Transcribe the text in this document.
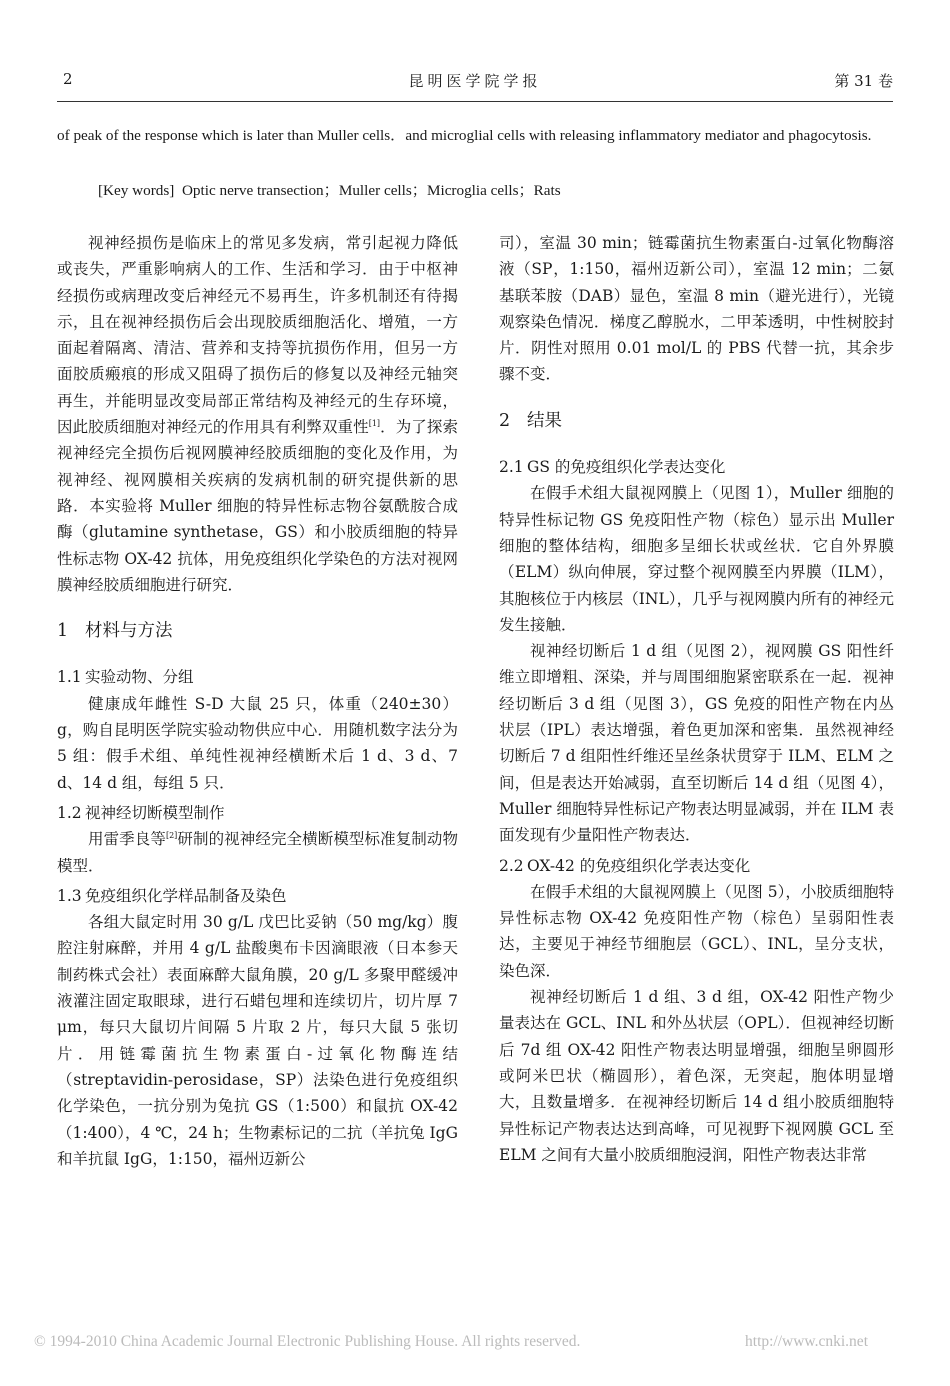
2	昆明医学院学报	第 31 卷

of peak of the response which is later than Muller cells．and microglial cells with releasing inflammatory mediator and phagocytosis.

[Key words] Optic nerve transection；Muller cells；Microglia cells；Rats

视神经损伤是临床上的常见多发病，常引起视力降低或丧失，严重影响病人的工作、生活和学习．由于中枢神经损伤或病理改变后神经元不易再生，许多机制还有待揭示，且在视神经损伤后会出现胶质细胞活化、增殖，一方面起着隔离、清洁、营养和支持等抗损伤作用，但另一方面胶质瘢痕的形成又阻碍了损伤后的修复以及神经元轴突再生，并能明显改变局部正常结构及神经元的生存环境，因此胶质细胞对神经元的作用具有利弊双重性[1]．为了探索视神经完全损伤后视网膜神经胶质细胞的变化及作用，为视神经、视网膜相关疾病的发病机制的研究提供新的思路．本实验将 Muller 细胞的特异性标志物谷氨酰胺合成酶（glutamine synthetase，GS）和小胶质细胞的特异性标志物 OX-42 抗体，用免疫组织化学染色的方法对视网膜神经胶质细胞进行研究．

1 材料与方法

1.1 实验动物、分组

健康成年雌性 S-D 大鼠 25 只，体重（240±30）g，购自昆明医学院实验动物供应中心．用随机数字法分为 5 组：假手术组、单纯性视神经横断术后 1 d、3 d、7 d、14 d 组，每组 5 只．

1.2 视神经切断模型制作

用雷季良等[2]研制的视神经完全横断模型标准复制动物模型．

1.3 免疫组织化学样品制备及染色

各组大鼠定时用 30 g/L 戊巴比妥钠（50 mg/kg）腹腔注射麻醉，并用 4 g/L 盐酸奥布卡因滴眼液（日本参天制药株式会社）表面麻醉大鼠角膜，20 g/L 多聚甲醛缓冲液灌注固定取眼球，进行石蜡包埋和连续切片，切片厚 7 μm，每只大鼠切片间隔 5 片取 2 片，每只大鼠 5 张切片．用链霉菌抗生物素蛋白-过氧化物酶连结（streptavidin-perosidase，SP）法染色进行免疫组织化学染色，一抗分别为兔抗 GS（1:500）和鼠抗 OX-42（1:400），4 ℃，24 h；生物素标记的二抗（羊抗兔 IgG 和羊抗鼠 IgG，1:150，福州迈新公

司），室温 30 min；链霉菌抗生物素蛋白-过氧化物酶溶液（SP，1:150，福州迈新公司），室温 12 min；二氨基联苯胺（DAB）显色，室温 8 min（避光进行），光镜观察染色情况．梯度乙醇脱水，二甲苯透明，中性树胶封片．阴性对照用 0.01 mol/L 的 PBS 代替一抗，其余步骤不变．

2 结果

2.1 GS 的免疫组织化学表达变化

在假手术组大鼠视网膜上（见图 1），Muller 细胞的特异性标记物 GS 免疫阳性产物（棕色）显示出 Muller 细胞的整体结构，细胞多呈细长状或丝状．它自外界膜（ELM）纵向伸展，穿过整个视网膜至内界膜（ILM），其胞核位于内核层（INL），几乎与视网膜内所有的神经元发生接触．

视神经切断后 1 d 组（见图 2），视网膜 GS 阳性纤维立即增粗、深染，并与周围细胞紧密联系在一起．视神经切断后 3 d 组（见图 3），GS 免疫的阳性产物在内丛状层（IPL）表达增强，着色更加深和密集．虽然视神经切断后 7 d 组阳性纤维还呈丝条状贯穿于 ILM、ELM 之间，但是表达开始减弱，直至切断后 14 d 组（见图 4），Muller 细胞特异性标记产物表达明显减弱，并在 ILM 表面发现有少量阳性产物表达．

2.2 OX-42 的免疫组织化学表达变化

在假手术组的大鼠视网膜上（见图 5），小胶质细胞特异性标志物 OX-42 免疫阳性产物（棕色）呈弱阳性表达，主要见于神经节细胞层（GCL）、INL，呈分支状，染色深．

视神经切断后 1 d 组、3 d 组，OX-42 阳性产物少量表达在 GCL、INL 和外丛状层（OPL）．但视神经切断后 7d 组 OX-42 阳性产物表达明显增强，细胞呈卵圆形或阿米巴状（椭圆形），着色深，无突起，胞体明显增大，且数量增多．在视神经切断后 14 d 组小胶质细胞特异性标记产物表达达到高峰，可见视野下视网膜 GCL 至 ELM 之间有大量小胶质细胞浸润，阳性产物表达非常

© 1994-2010 China Academic Journal Electronic Publishing House. All rights reserved.	http://www.cnki.net
